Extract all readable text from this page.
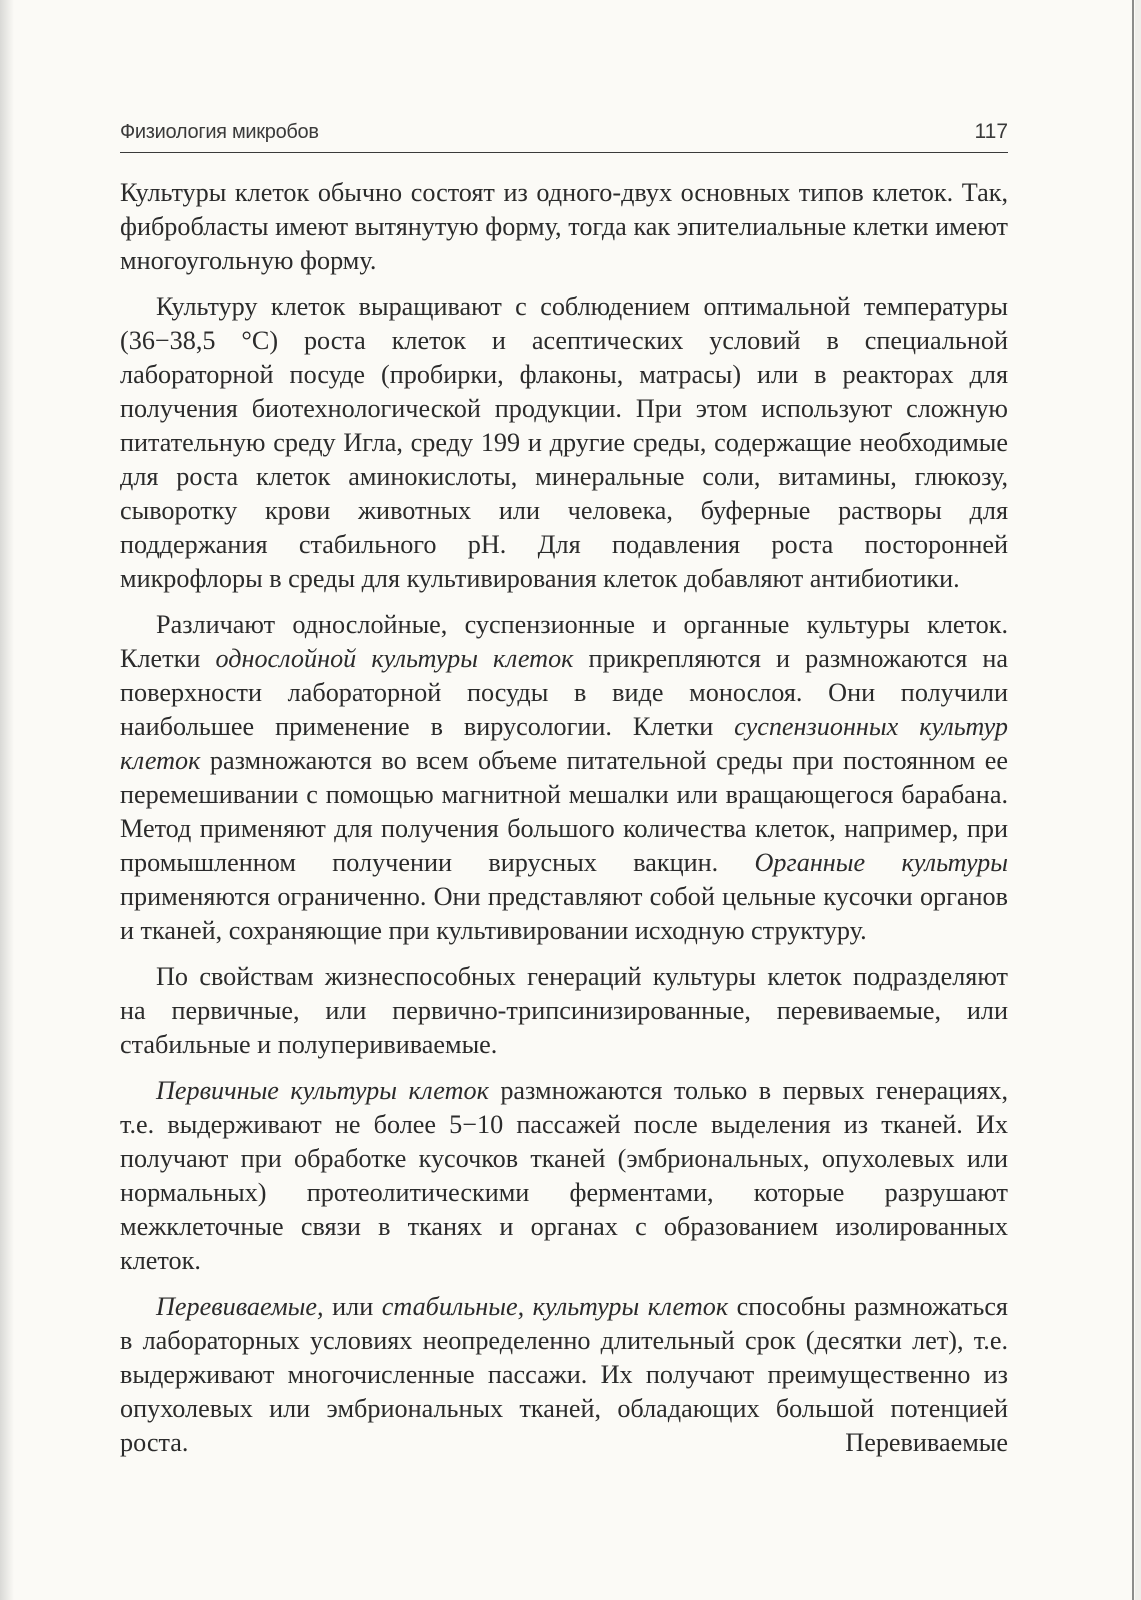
Физиология микробов	117

Культуры клеток обычно состоят из одного-двух основных типов клеток. Так, фибробласты имеют вытянутую форму, тогда как эпителиальные клетки имеют многоугольную форму.

Культуру клеток выращивают с соблюдением оптимальной температуры (36−38,5 °С) роста клеток и асептических условий в специальной лабораторной посуде (пробирки, флаконы, матрасы) или в реакторах для получения биотехнологической продукции. При этом используют сложную питательную среду Игла, среду 199 и другие среды, содержащие необходимые для роста клеток аминокислоты, минеральные соли, витамины, глюкозу, сыворотку крови животных или человека, буферные растворы для поддержания стабильного рН. Для подавления роста посторонней микрофлоры в среды для культивирования клеток добавляют антибиотики.

Различают однослойные, суспензионные и органные культуры клеток. Клетки однослойной культуры клеток прикрепляются и размножаются на поверхности лабораторной посуды в виде монослоя. Они получили наибольшее применение в вирусологии. Клетки суспензионных культур клеток размножаются во всем объеме питательной среды при постоянном ее перемешивании с помощью магнитной мешалки или вращающегося барабана. Метод применяют для получения большого количества клеток, например, при промышленном получении вирусных вакцин. Органные культуры применяются ограниченно. Они представляют собой цельные кусочки органов и тканей, сохраняющие при культивировании исходную структуру.

По свойствам жизнеспособных генераций культуры клеток подразделяют на первичные, или первично-трипсинизированные, перевиваемые, или стабильные и полуперививаемые.

Первичные культуры клеток размножаются только в первых генерациях, т.е. выдерживают не более 5−10 пассажей после выделения из тканей. Их получают при обработке кусочков тканей (эмбриональных, опухолевых или нормальных) протеолитическими ферментами, которые разрушают межклеточные связи в тканях и органах с образованием изолированных клеток.

Перевиваемые, или стабильные, культуры клеток способны размножаться в лабораторных условиях неопределенно длительный срок (десятки лет), т.е. выдерживают многочисленные пассажи. Их получают преимущественно из опухолевых или эмбриональных тканей, обладающих большой потенцией роста. Перевиваемые
